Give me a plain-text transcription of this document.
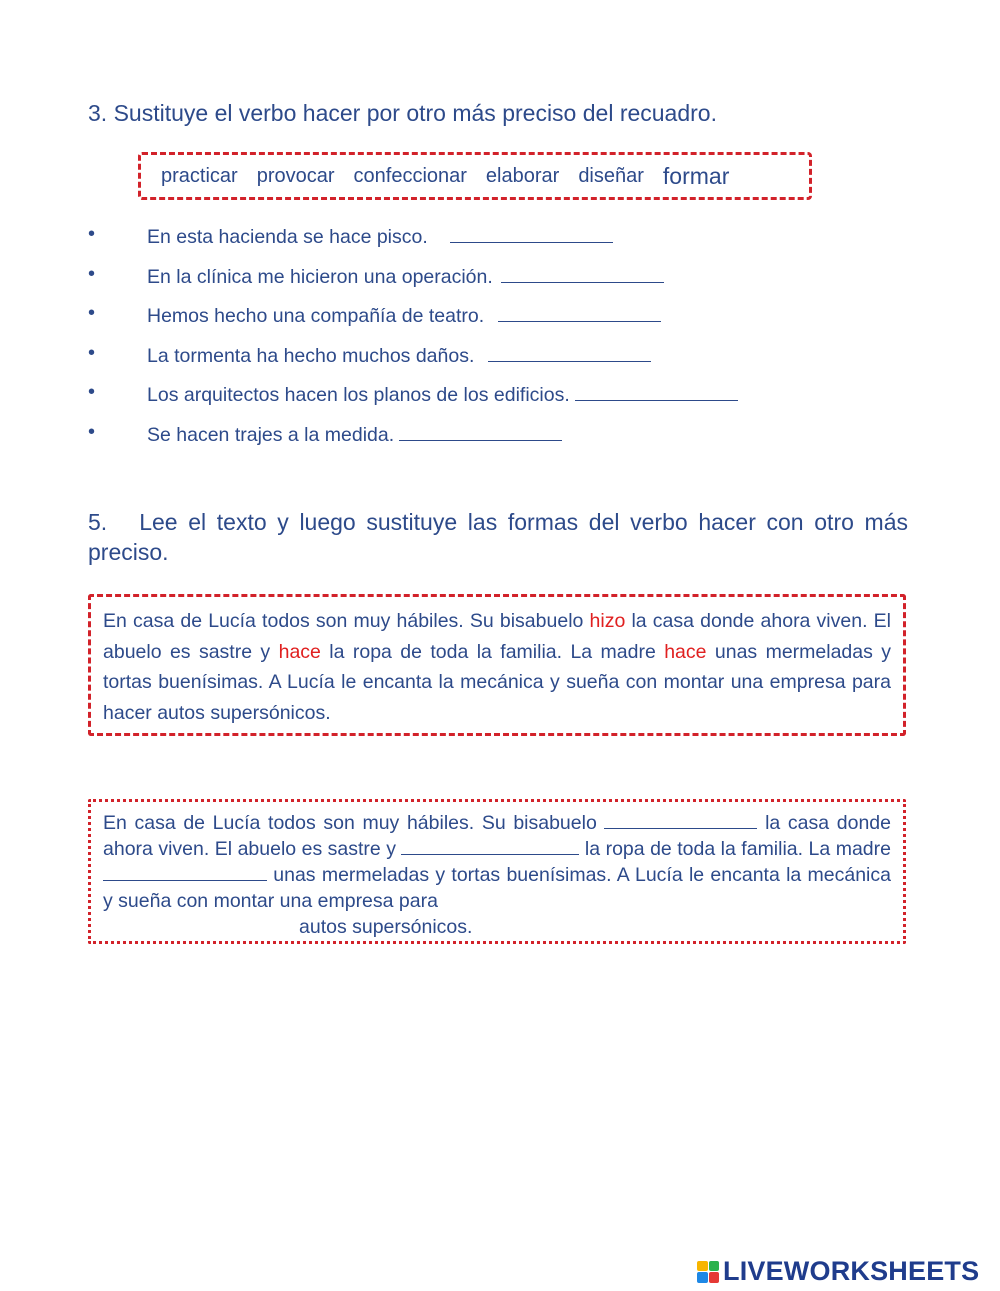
3. Sustituye el verbo hacer por otro más preciso del recuadro.
practicar provocar confeccionar elaborar diseñar formar
•	En esta hacienda se hace pisco.
•	En la clínica me hicieron una operación.
•	Hemos hecho una compañía de teatro.
•	La tormenta ha hecho muchos daños.
•	Los arquitectos hacen los planos de los edificios.
•	Se hacen trajes a la medida.
5. Lee el texto y luego sustituye las formas del verbo hacer con otro más preciso.
En casa de Lucía todos son muy hábiles. Su bisabuelo hizo la casa donde ahora viven. El abuelo es sastre y hace la ropa de toda la familia. La madre hace unas mermeladas y tortas buenísimas. A Lucía le encanta la mecánica y sueña con montar una empresa para hacer autos supersónicos.
En casa de Lucía todos son muy hábiles. Su bisabuelo	la casa donde ahora viven. El abuelo es sastre y	la ropa de toda la familia. La madre unas mermeladas y tortas buenísimas. A Lucía le encanta la mecánica y sueña con montar una empresa para
autos supersónicos.
LIVEWORKSHEETS
